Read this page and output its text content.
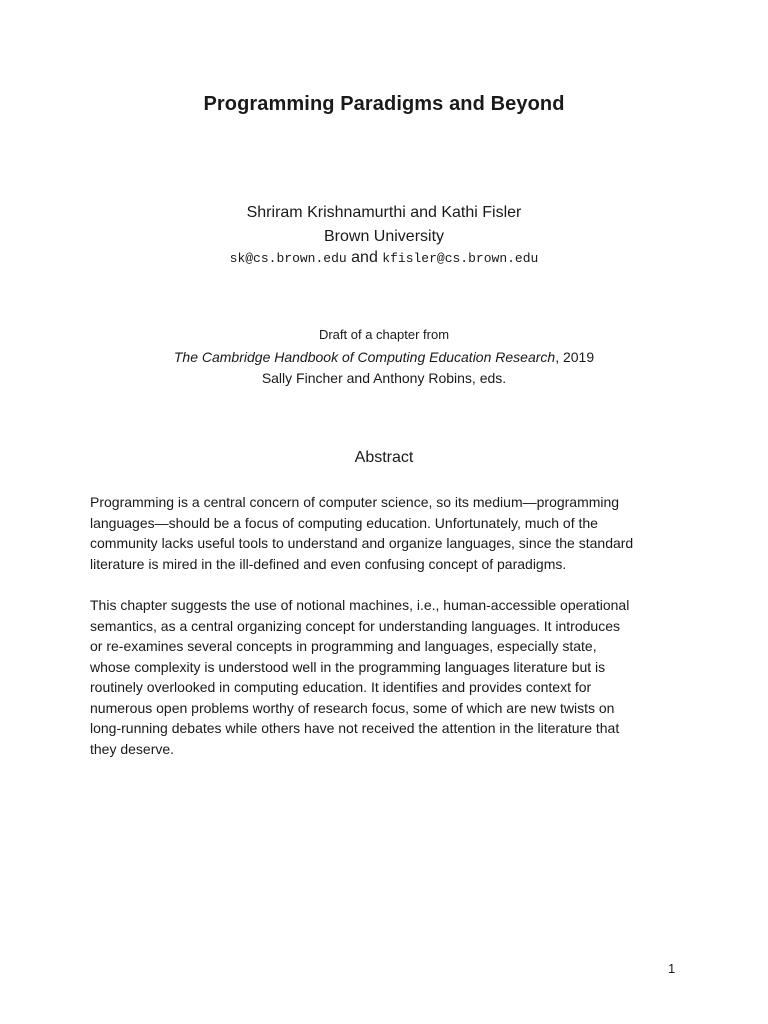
Programming Paradigms and Beyond
Shriram Krishnamurthi and Kathi Fisler
Brown University
sk@cs.brown.edu and kfisler@cs.brown.edu
Draft of a chapter from
The Cambridge Handbook of Computing Education Research, 2019
Sally Fincher and Anthony Robins, eds.
Abstract
Programming is a central concern of computer science, so its medium—programming
languages—should be a focus of computing education. Unfortunately, much of the
community lacks useful tools to understand and organize languages, since the standard
literature is mired in the ill-defined and even confusing concept of paradigms.
This chapter suggests the use of notional machines, i.e., human-accessible operational
semantics, as a central organizing concept for understanding languages. It introduces
or re-examines several concepts in programming and languages, especially state,
whose complexity is understood well in the programming languages literature but is
routinely overlooked in computing education. It identifies and provides context for
numerous open problems worthy of research focus, some of which are new twists on
long-running debates while others have not received the attention in the literature that
they deserve.
1
